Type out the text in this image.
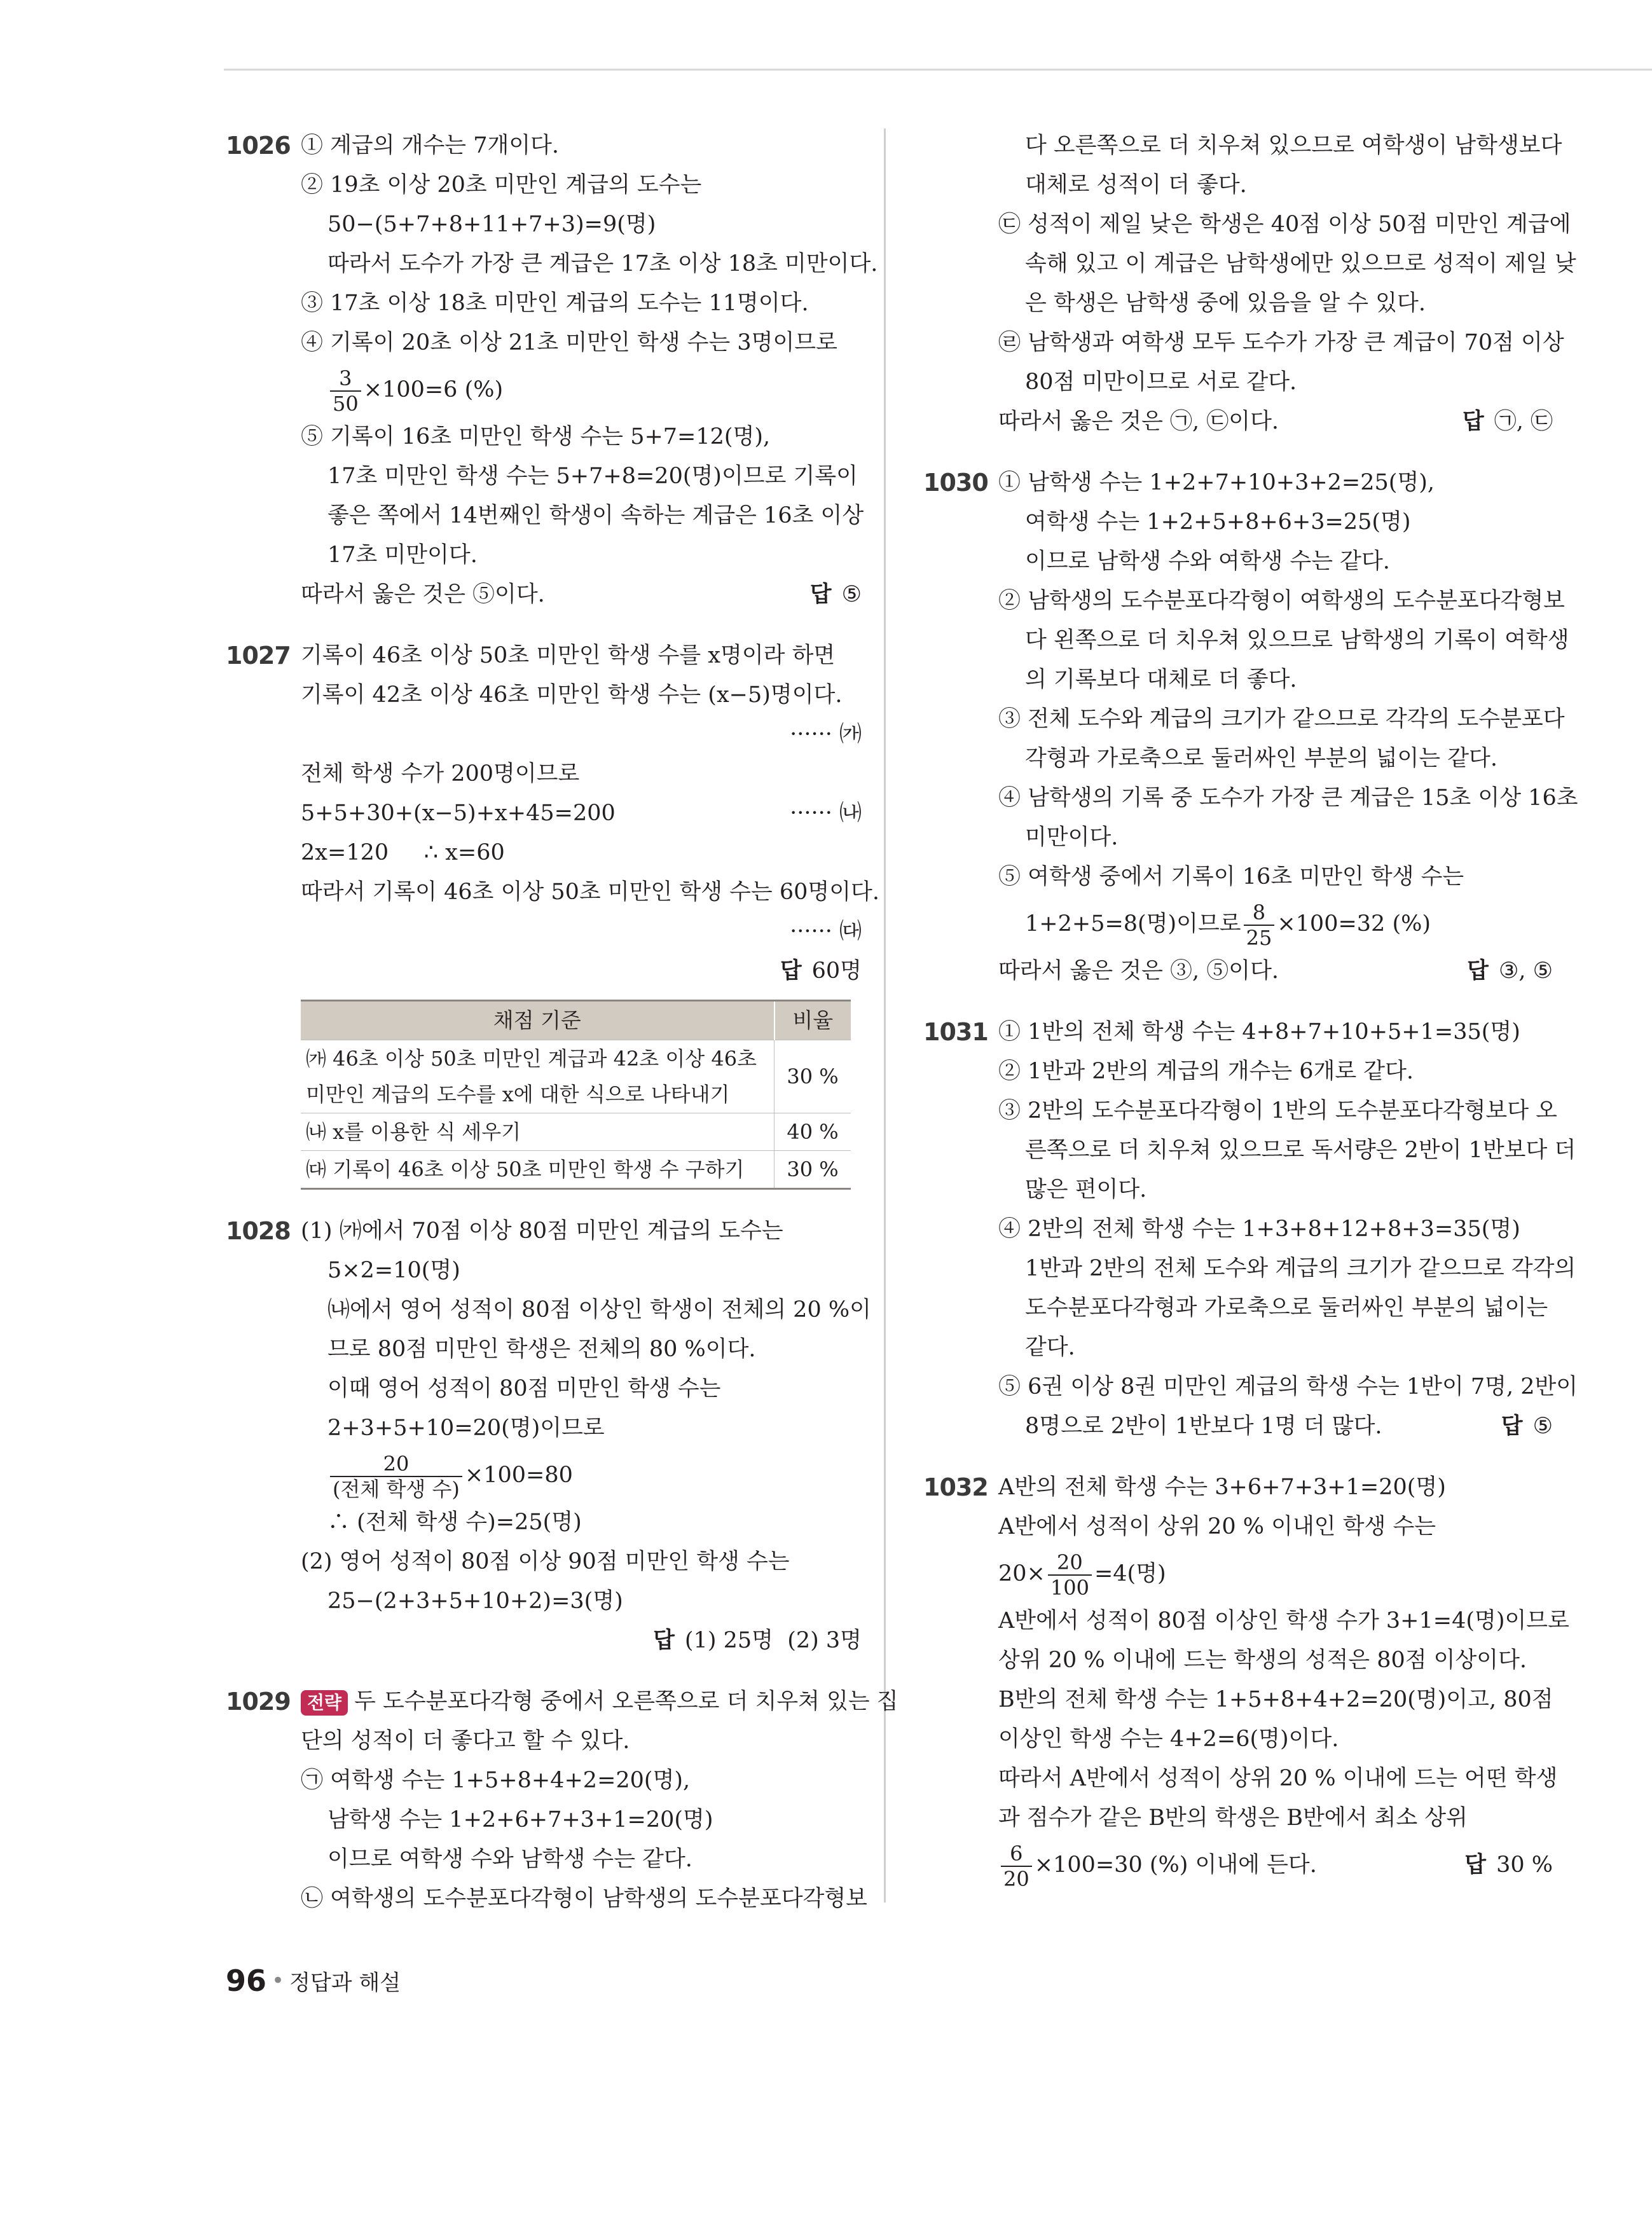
1026 ① 계급의 개수는 7개이다.
② 19초 이상 20초 미만인 계급의 도수는
50−(5+7+8+11+7+3)=9(명)
따라서 도수가 가장 큰 계급은 17초 이상 18초 미만이다.
③ 17초 이상 18초 미만인 계급의 도수는 11명이다.
④ 기록이 20초 이상 21초 미만인 학생 수는 3명이므로
$\frac{3}{50} \times 100=6$ (%)
⑤ 기록이 16초 미만인 학생 수는 5+7=12(명),
17초 미만인 학생 수는 5+7+8=20(명)이므로 기록이
좋은 쪽에서 14번째인 학생이 속하는 계급은 16초 이상
17초 미만이다.
따라서 옳은 것은 ⑤이다.	답 ⑤
1027 기록이 46초 이상 50초 미만인 학생 수를 x명이라 하면
기록이 42초 이상 46초 미만인 학생 수는 (x−5)명이다.
······ ㈎
전체 학생 수가 200명이므로
5+5+30+(x−5)+x+45=200	······ ㈏
2x=120     ∴ x=60
따라서 기록이 46초 이상 50초 미만인 학생 수는 60명이다.
······ ㈐
답 60명
채점 기준	비율
㈎ 46초 이상 50초 미만인 계급과 42초 이상 46초 미만인 계급의 도수를 x에 대한 식으로 나타내기	30 %
㈏ x를 이용한 식 세우기	40 %
㈐ 기록이 46초 이상 50초 미만인 학생 수 구하기	30 %
1028 (1) ㈎에서 70점 이상 80점 미만인 계급의 도수는
5×2=10(명)
㈏에서 영어 성적이 80점 이상인 학생이 전체의 20 %이
므로 80점 미만인 학생은 전체의 80 %이다.
이때 영어 성적이 80점 미만인 학생 수는
2+3+5+10=20(명)이므로
$\frac{20}{\text{(전체 학생 수)}} \times 100=80$
∴ (전체 학생 수)=25(명)
(2) 영어 성적이 80점 이상 90점 미만인 학생 수는
25−(2+3+5+10+2)=3(명)
답 (1) 25명  (2) 3명
1029 전략 두 도수분포다각형 중에서 오른쪽으로 더 치우쳐 있는 집
단의 성적이 더 좋다고 할 수 있다.
㉠ 여학생 수는 1+5+8+4+2=20(명),
남학생 수는 1+2+6+7+3+1=20(명)
이므로 여학생 수와 남학생 수는 같다.
㉡ 여학생의 도수분포다각형이 남학생의 도수분포다각형보
다 오른쪽으로 더 치우쳐 있으므로 여학생이 남학생보다
대체로 성적이 더 좋다.
㉢ 성적이 제일 낮은 학생은 40점 이상 50점 미만인 계급에
속해 있고 이 계급은 남학생에만 있으므로 성적이 제일 낮
은 학생은 남학생 중에 있음을 알 수 있다.
㉣ 남학생과 여학생 모두 도수가 가장 큰 계급이 70점 이상
80점 미만이므로 서로 같다.
따라서 옳은 것은 ㉠, ㉢이다.	답 ㉠, ㉢
1030 ① 남학생 수는 1+2+7+10+3+2=25(명),
여학생 수는 1+2+5+8+6+3=25(명)
이므로 남학생 수와 여학생 수는 같다.
② 남학생의 도수분포다각형이 여학생의 도수분포다각형보
다 왼쪽으로 더 치우쳐 있으므로 남학생의 기록이 여학생
의 기록보다 대체로 더 좋다.
③ 전체 도수와 계급의 크기가 같으므로 각각의 도수분포다
각형과 가로축으로 둘러싸인 부분의 넓이는 같다.
④ 남학생의 기록 중 도수가 가장 큰 계급은 15초 이상 16초
미만이다.
⑤ 여학생 중에서 기록이 16초 미만인 학생 수는
1+2+5=8(명)이므로 $\frac{8}{25} \times 100=32$ (%)
따라서 옳은 것은 ③, ⑤이다.	답 ③, ⑤
1031 ① 1반의 전체 학생 수는 4+8+7+10+5+1=35(명)
② 1반과 2반의 계급의 개수는 6개로 같다.
③ 2반의 도수분포다각형이 1반의 도수분포다각형보다 오
른쪽으로 더 치우쳐 있으므로 독서량은 2반이 1반보다 더
많은 편이다.
④ 2반의 전체 학생 수는 1+3+8+12+8+3=35(명)
1반과 2반의 전체 도수와 계급의 크기가 같으므로 각각의
도수분포다각형과 가로축으로 둘러싸인 부분의 넓이는
같다.
⑤ 6권 이상 8권 미만인 계급의 학생 수는 1반이 7명, 2반이
8명으로 2반이 1반보다 1명 더 많다.	답 ⑤
1032 A반의 전체 학생 수는 3+6+7+3+1=20(명)
A반에서 성적이 상위 20 % 이내인 학생 수는
$20\times \frac{20}{100} =4$(명)
A반에서 성적이 80점 이상인 학생 수가 3+1=4(명)이므로
상위 20 % 이내에 드는 학생의 성적은 80점 이상이다.
B반의 전체 학생 수는 1+5+8+4+2=20(명)이고, 80점
이상인 학생 수는 4+2=6(명)이다.
따라서 A반에서 성적이 상위 20 % 이내에 드는 어떤 학생
과 점수가 같은 B반의 학생은 B반에서 최소 상위
$\frac{6}{20} \times 100=30$ (%) 이내에 든다.	답 30 %
96 • 정답과 해설
